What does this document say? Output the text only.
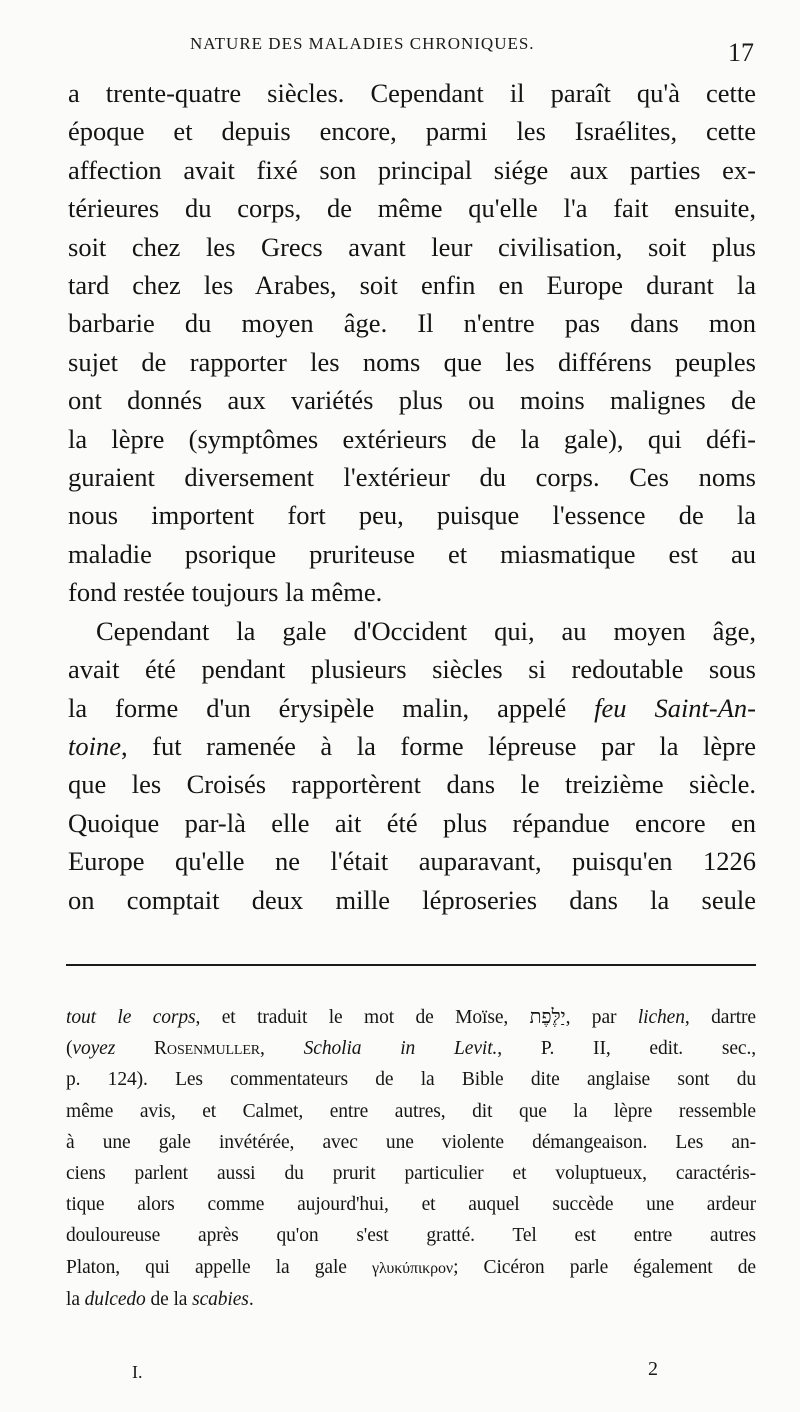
NATURE DES MALADIES CHRONIQUES.	17
a trente-quatre siècles. Cependant il paraît qu'à cette
époque et depuis encore, parmi les Israélites, cette
affection avait fixé son principal siége aux parties ex-
térieures du corps, de même qu'elle l'a fait ensuite,
soit chez les Grecs avant leur civilisation, soit plus
tard chez les Arabes, soit enfin en Europe durant la
barbarie du moyen âge. Il n'entre pas dans mon
sujet de rapporter les noms que les différens peuples
ont donnés aux variétés plus ou moins malignes de
la lèpre (symptômes extérieurs de la gale), qui défi-
guraient diversement l'extérieur du corps. Ces noms
nous importent fort peu, puisque l'essence de la
maladie psorique pruriteuse et miasmatique est au
fond restée toujours la même.
Cependant la gale d'Occident qui, au moyen âge,
avait été pendant plusieurs siècles si redoutable sous
la forme d'un érysipèle malin, appelé feu Saint-An-
toine, fut ramenée à la forme lépreuse par la lèpre
que les Croisés rapportèrent dans le treizième siècle.
Quoique par-là elle ait été plus répandue encore en
Europe qu'elle ne l'était auparavant, puisqu'en 1226
on comptait deux mille léproseries dans la seule
tout le corps, et traduit le mot de Moïse, יַלֶּפֶת, par lichen, dartre
(voyez Rosenmuller, Scholia in Levit., P. II, edit. sec.,
p. 124). Les commentateurs de la Bible dite anglaise sont du
même avis, et Calmet, entre autres, dit que la lèpre ressemble
à une gale invétérée, avec une violente démangeaison. Les an-
ciens parlent aussi du prurit particulier et voluptueux, caractéris-
tique alors comme aujourd'hui, et auquel succède une ardeur
douloureuse après qu'on s'est gratté. Tel est entre autres
Platon, qui appelle la gale γλυκύπικρον; Cicéron parle également de
la dulcedo de la scabies.
I.	2
